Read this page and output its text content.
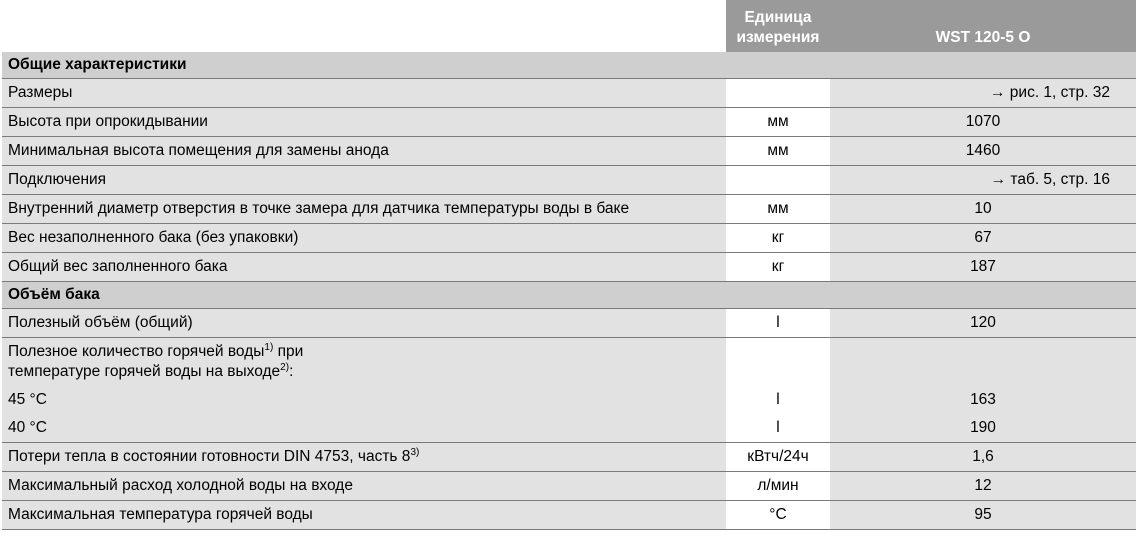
	Единица
измерения	WST 120-5 O
Общие характеристики		
Размеры		→ рис. 1, стр. 32
Высота при опрокидывании	мм	1070
Минимальная высота помещения для замены анода	мм	1460
Подключения		→ таб. 5, стр. 16
Внутренний диаметр отверстия в точке замера для датчика температуры воды в баке	мм	10
Вес незаполненного бака (без упаковки)	кг	67
Общий вес заполненного бака	кг	187
Объём бака		
Полезный объём (общий)	l	120
Полезное количество горячей воды$^{1)}$ при
температуре горячей воды на выходе$^{2)}$:		
45 °C	l	163
40 °C	l	190
Потери тепла в состоянии готовности DIN 4753, часть 8$^{3)}$	кВтч/24ч	1,6
Максимальный расход холодной воды на входе	л/мин	12
Максимальная температура горячей воды	°C	95
